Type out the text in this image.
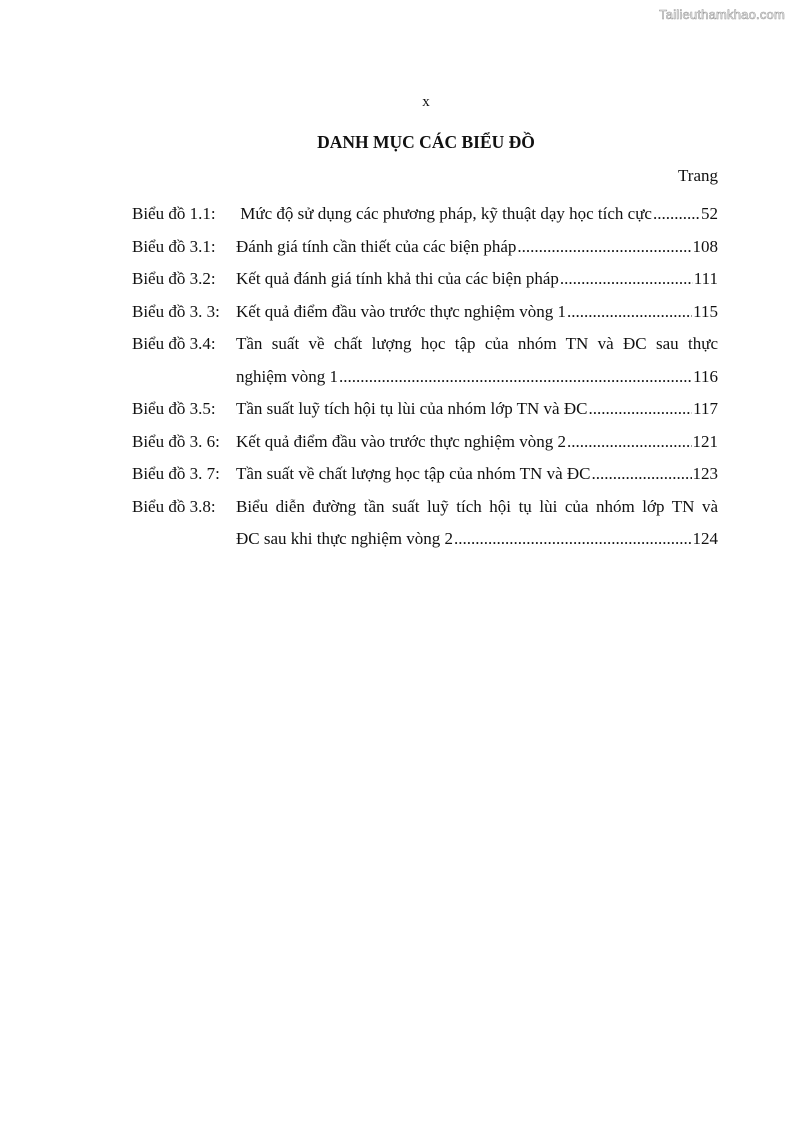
Tailieuthamkhao.com
x
DANH MỤC CÁC BIỂU ĐỒ
Trang
Biểu đồ 1.1:	Mức độ sử dụng các phương pháp, kỹ thuật dạy học tích cực .....	52
Biểu đồ 3.1:	Đánh giá tính cần thiết của các biện pháp .....	108
Biểu đồ 3.2:	Kết quả đánh giá tính khả thi của các biện pháp .....	111
Biểu đồ 3. 3: Kết quả điểm đầu vào trước thực nghiệm vòng 1 .....	115
Biểu đồ 3.4:	Tần suất về chất lượng học tập của nhóm TN và ĐC sau thực
nghiệm vòng 1 .....	116
Biểu đồ 3.5:	Tần suất luỹ tích hội tụ lùi của nhóm lớp TN và ĐC .....	117
Biểu đồ 3. 6: Kết quả điểm đầu vào trước thực nghiệm vòng 2 .....	121
Biểu đồ 3. 7: Tần suất về chất lượng học tập của nhóm TN và ĐC .....	123
Biểu đồ 3.8:	Biểu diễn đường tần suất luỹ tích hội tụ lùi của nhóm lớp TN và
ĐC sau khi thực nghiệm vòng 2 .....	124
